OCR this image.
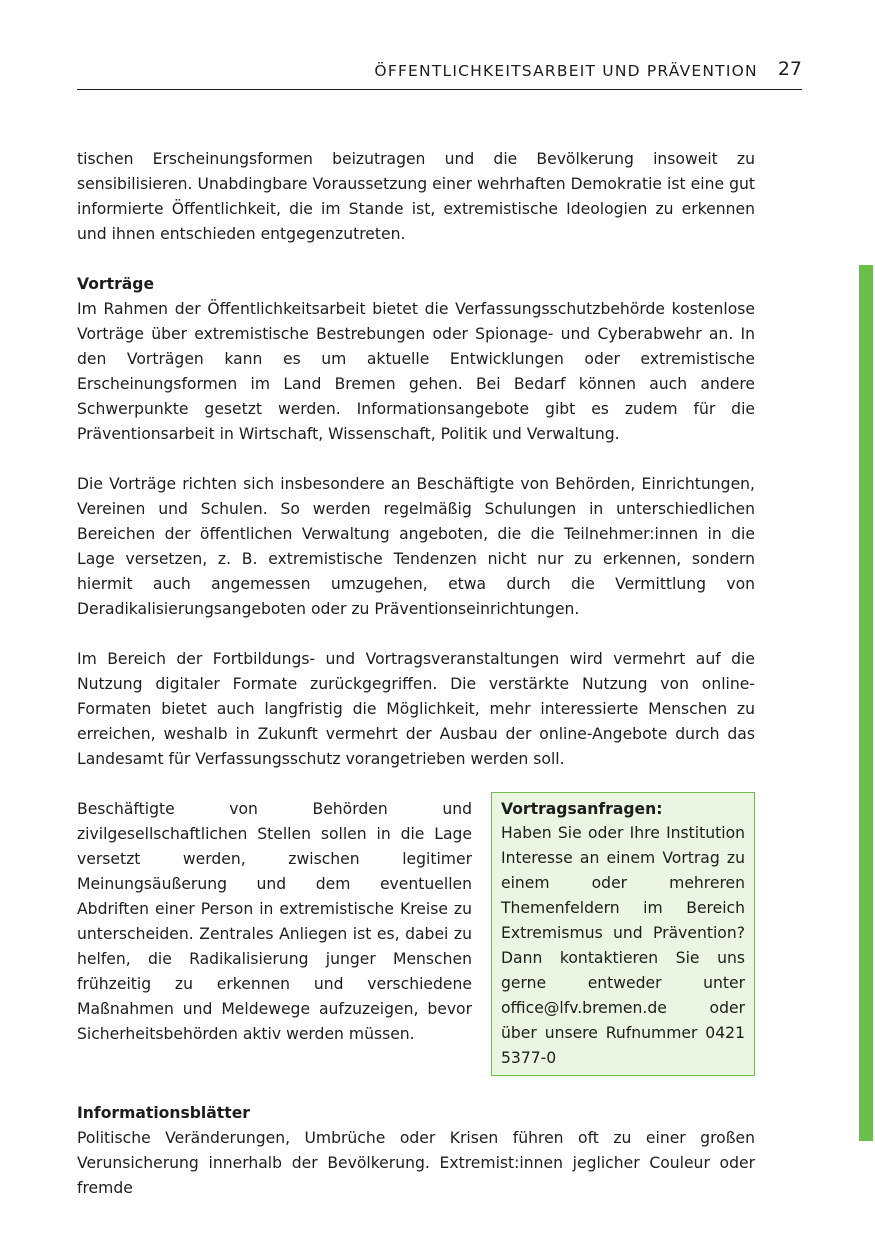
ÖFFENTLICHKEITSARBEIT UND PRÄVENTION 27

tischen Erscheinungsformen beizutragen und die Bevölkerung insoweit zu sensibilisieren. Unabdingbare Voraussetzung einer wehrhaften Demokratie ist eine gut informierte Öffentlichkeit, die im Stande ist, extremistische Ideologien zu erkennen und ihnen entschieden entgegenzutreten.

Vorträge

Im Rahmen der Öffentlichkeitsarbeit bietet die Verfassungsschutzbehörde kostenlose Vorträge über extremistische Bestrebungen oder Spionage- und Cyberabwehr an. In den Vorträgen kann es um aktuelle Entwicklungen oder extremistische Erscheinungsformen im Land Bremen gehen. Bei Bedarf können auch andere Schwerpunkte gesetzt werden. Informationsangebote gibt es zudem für die Präventionsarbeit in Wirtschaft, Wissenschaft, Politik und Verwaltung.

Die Vorträge richten sich insbesondere an Beschäftigte von Behörden, Einrichtungen, Vereinen und Schulen. So werden regelmäßig Schulungen in unterschiedlichen Bereichen der öffentlichen Verwaltung angeboten, die die Teilnehmer:innen in die Lage versetzen, z. B. extremistische Tendenzen nicht nur zu erkennen, sondern hiermit auch angemessen umzugehen, etwa durch die Vermittlung von Deradikalisierungsangeboten oder zu Präventionseinrichtungen.

Im Bereich der Fortbildungs- und Vortragsveranstaltungen wird vermehrt auf die Nutzung digitaler Formate zurückgegriffen. Die verstärkte Nutzung von online-Formaten bietet auch langfristig die Möglichkeit, mehr interessierte Menschen zu erreichen, weshalb in Zukunft vermehrt der Ausbau der online-Angebote durch das Landesamt für Verfassungsschutz vorangetrieben werden soll.

Beschäftigte von Behörden und zivilgesellschaftlichen Stellen sollen in die Lage versetzt werden, zwischen legitimer Meinungsäußerung und dem eventuellen Abdriften einer Person in extremistische Kreise zu unterscheiden. Zentrales Anliegen ist es, dabei zu helfen, die Radikalisierung junger Menschen frühzeitig zu erkennen und verschiedene Maßnahmen und Meldewege aufzuzeigen, bevor Sicherheitsbehörden aktiv werden müssen.

Vortragsanfragen:

Haben Sie oder Ihre Institution Interesse an einem Vortrag zu einem oder mehreren Themenfeldern im Bereich Extremismus und Prävention? Dann kontaktieren Sie uns gerne entweder unter office@lfv.bremen.de oder über unsere Rufnummer 0421 5377-0

Informationsblätter

Politische Veränderungen, Umbrüche oder Krisen führen oft zu einer großen Verunsicherung innerhalb der Bevölkerung. Extremist:innen jeglicher Couleur oder fremde
